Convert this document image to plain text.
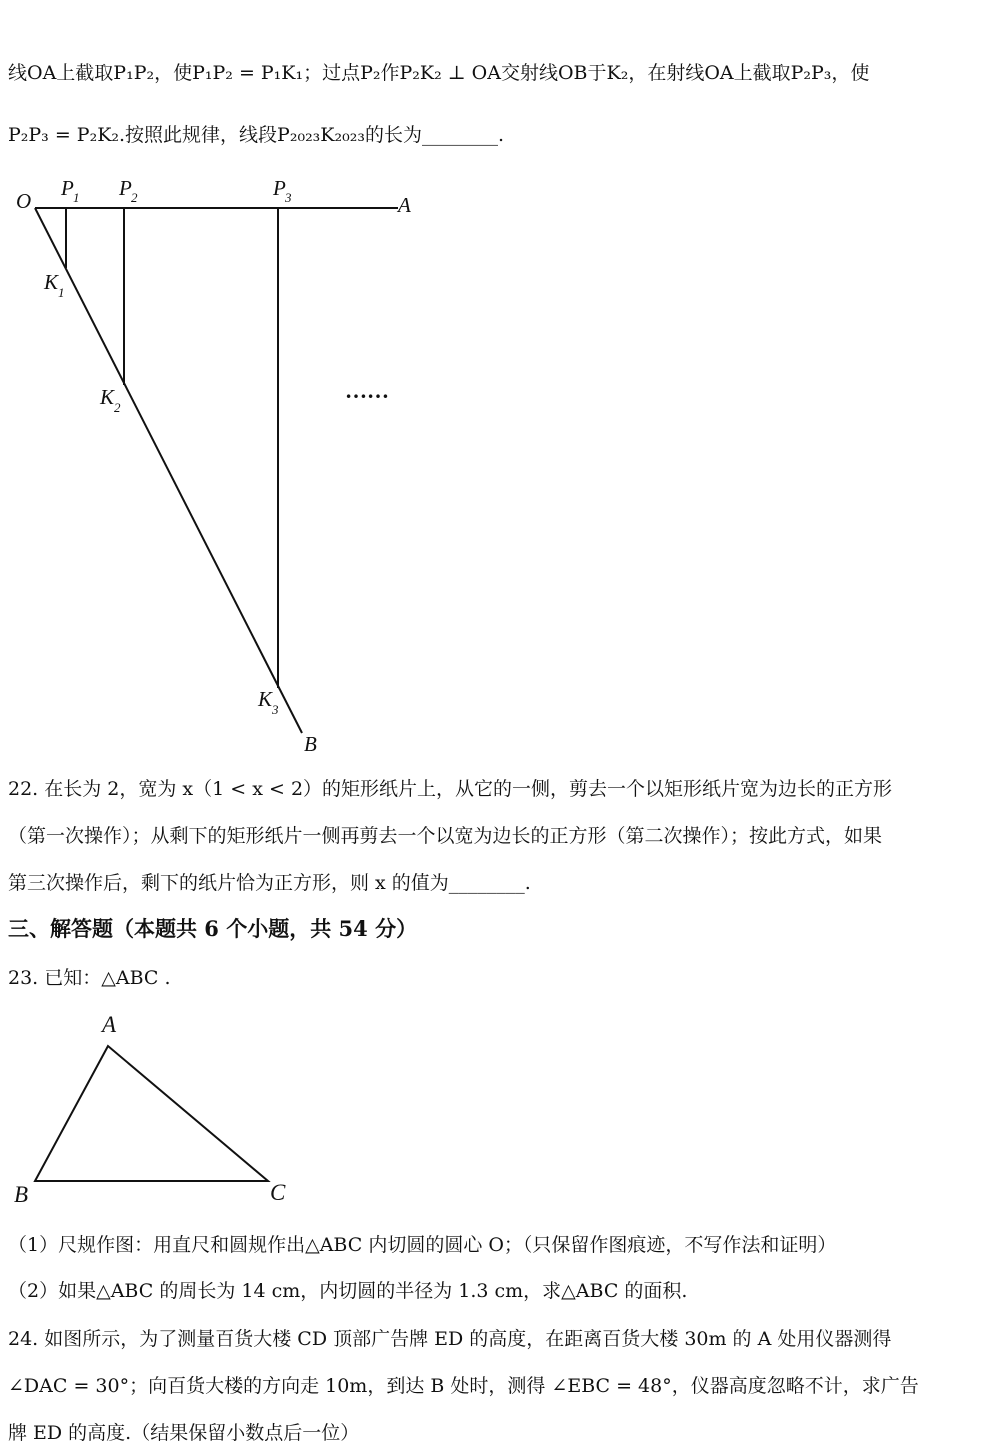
线OA上截取P₁P₂，使P₁P₂ = P₁K₁；过点P₂作P₂K₂ ⊥ OA交射线OB于K₂，在射线OA上截取P₂P₃，使
P₂P₃ = P₂K₂.按照此规律，线段P₂₀₂₃K₂₀₂₃的长为________.
O	A
B
P 1 P 2	P 3
K 1
K 2
K 3
……
22. 在长为 2，宽为 x（1 < x < 2）的矩形纸片上，从它的一侧，剪去一个以矩形纸片宽为边长的正方形
（第一次操作）；从剩下的矩形纸片一侧再剪去一个以宽为边长的正方形（第二次操作）；按此方式，如果
第三次操作后，剩下的纸片恰为正方形，则 x 的值为________.
三、解答题（本题共 6 个小题，共 54 分）
23. 已知：△ABC .
A
B	C
（1）尺规作图：用直尺和圆规作出△ABC 内切圆的圆心 O；（只保留作图痕迹，不写作法和证明）
（2）如果△ABC 的周长为 14 cm，内切圆的半径为 1.3 cm，求△ABC 的面积.
24. 如图所示，为了测量百货大楼 CD 顶部广告牌 ED 的高度，在距离百货大楼 30m 的 A 处用仪器测得
∠DAC = 30°；向百货大楼的方向走 10m，到达 B 处时，测得 ∠EBC = 48°，仪器高度忽略不计，求广告
牌 ED 的高度.（结果保留小数点后一位）
